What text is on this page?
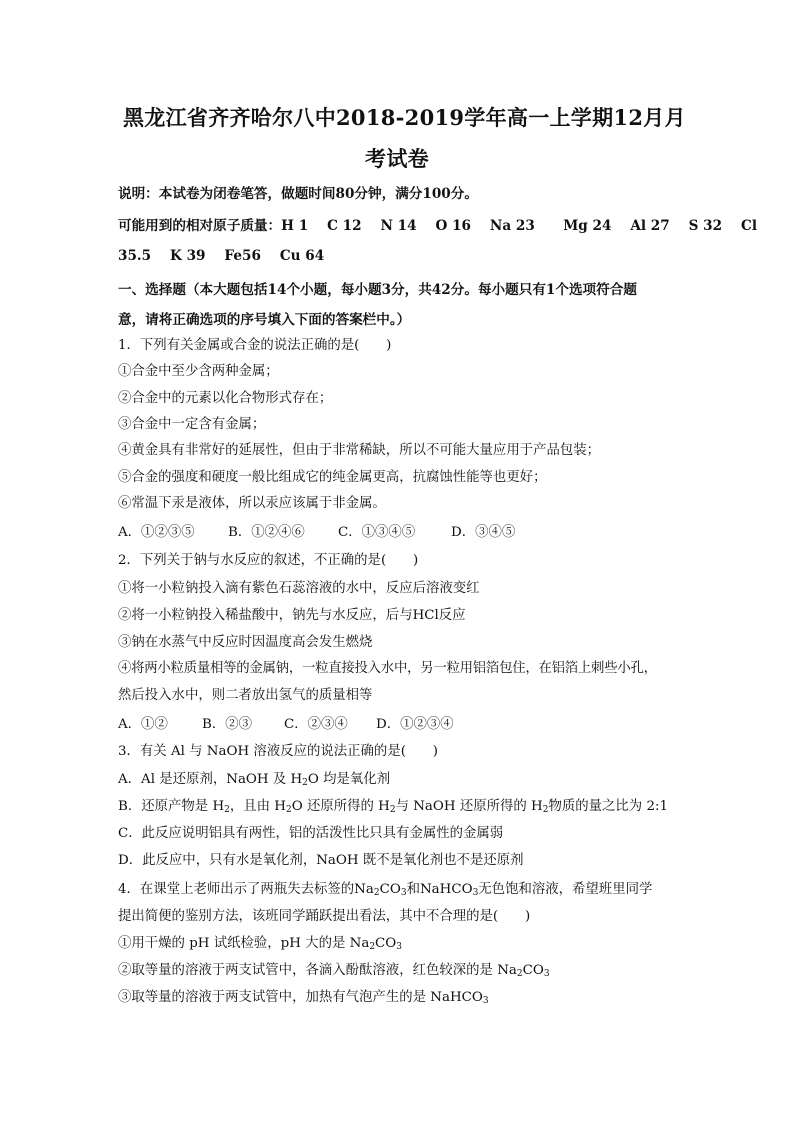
黑龙江省齐齐哈尔八中2018-2019学年高一上学期12月月
考试卷
说明：本试卷为闭卷笔答，做题时间80分钟，满分100分。
可能用到的相对原子质量：H 1    C 12    N 14    O 16    Na 23      Mg 24    Al 27    S 32    Cl
35.5    K 39    Fe56    Cu 64
一、选择题（本大题包括14个小题，每小题3分，共42分。每小题只有1个选项符合题
意，请将正确选项的序号填入下面的答案栏中。）
1．下列有关金属或合金的说法正确的是(　　)
①合金中至少含两种金属；
②合金中的元素以化合物形式存在；
③合金中一定含有金属；
④黄金具有非常好的延展性，但由于非常稀缺，所以不可能大量应用于产品包装；
⑤合金的强度和硬度一般比组成它的纯金属更高，抗腐蚀性能等也更好；
⑥常温下汞是液体，所以汞应该属于非金属。
A．①②③⑤ B．①②④⑥ C．①③④⑤	D．③④⑤
2．下列关于钠与水反应的叙述，不正确的是(　　)
①将一小粒钠投入滴有紫色石蕊溶液的水中，反应后溶液变红
②将一小粒钠投入稀盐酸中，钠先与水反应，后与HCl反应
③钠在水蒸气中反应时因温度高会发生燃烧
④将两小粒质量相等的金属钠，一粒直接投入水中，另一粒用铝箔包住，在铝箔上刺些小孔，
然后投入水中，则二者放出氢气的质量相等
A．①②	B．②③ C．②③④ D．①②③④
3．有关 Al 与 NaOH 溶液反应的说法正确的是(　　)
A．Al 是还原剂，NaOH 及 $H_2O$ 均是氧化剂
B．还原产物是 $H_2$，且由 $H_2O$ 还原所得的 $H_2$与 NaOH 还原所得的 $H_2$物质的量之比为 2:1
C．此反应说明铝具有两性，铝的活泼性比只具有金属性的金属弱
D．此反应中，只有水是氧化剂，NaOH 既不是氧化剂也不是还原剂
4．在课堂上老师出示了两瓶失去标签的$Na_2CO_3$和NaHCO$_3$无色饱和溶液，希望班里同学
提出简便的鉴别方法，该班同学踊跃提出看法，其中不合理的是(　　)
①用干燥的 pH 试纸检验，pH 大的是 $Na_2CO_3$
②取等量的溶液于两支试管中，各滴入酚酞溶液，红色较深的是 $Na_2CO_3$
③取等量的溶液于两支试管中，加热有气泡产生的是 NaHCO$_3$
